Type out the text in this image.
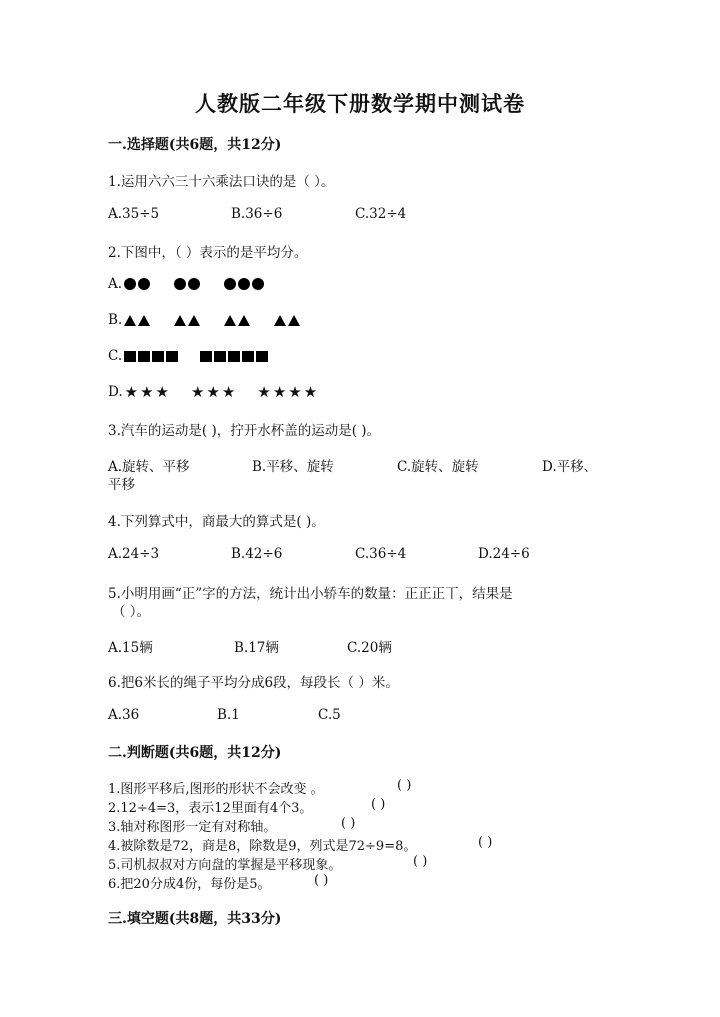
人教版二年级下册数学期中测试卷
一.选择题(共6题，共12分)
1.运用六六三十六乘法口诀的是（ ）。
A.35÷5	B.36÷6	C.32÷4
2.下图中，（ ）表示的是平均分。
A.
B.
C.
D. ★ ★ ★ ★ ★ ★ ★ ★ ★ ★
3.汽车的运动是( )，拧开水杯盖的运动是( )。
A.旋转、平移	B.平移、旋转	C.旋转、旋转	D.平移、
平移
4.下列算式中，商最大的算式是( )。
A.24÷3	B.42÷6	C.36÷4	D.24÷6
5.小明用画“正”字的方法，统计出小轿车的数量：正正正丅，结果是
（ ）。
A.15辆	B.17辆	C.20辆
6.把6米长的绳子平均分成6段，每段长（ ）米。
A.36	B.1	C.5
二.判断题(共6题，共12分)
1.图形平移后,图形的形状不会改变 。	( )
2.12÷4=3，表示12里面有4个3。	( )
3.轴对称图形一定有对称轴。	( )
4.被除数是72，商是8，除数是9，列式是72÷9=8。	( )
5.司机叔叔对方向盘的掌握是平移现象。	( )
6.把20分成4份，每份是5。	( )
三.填空题(共8题，共33分)
